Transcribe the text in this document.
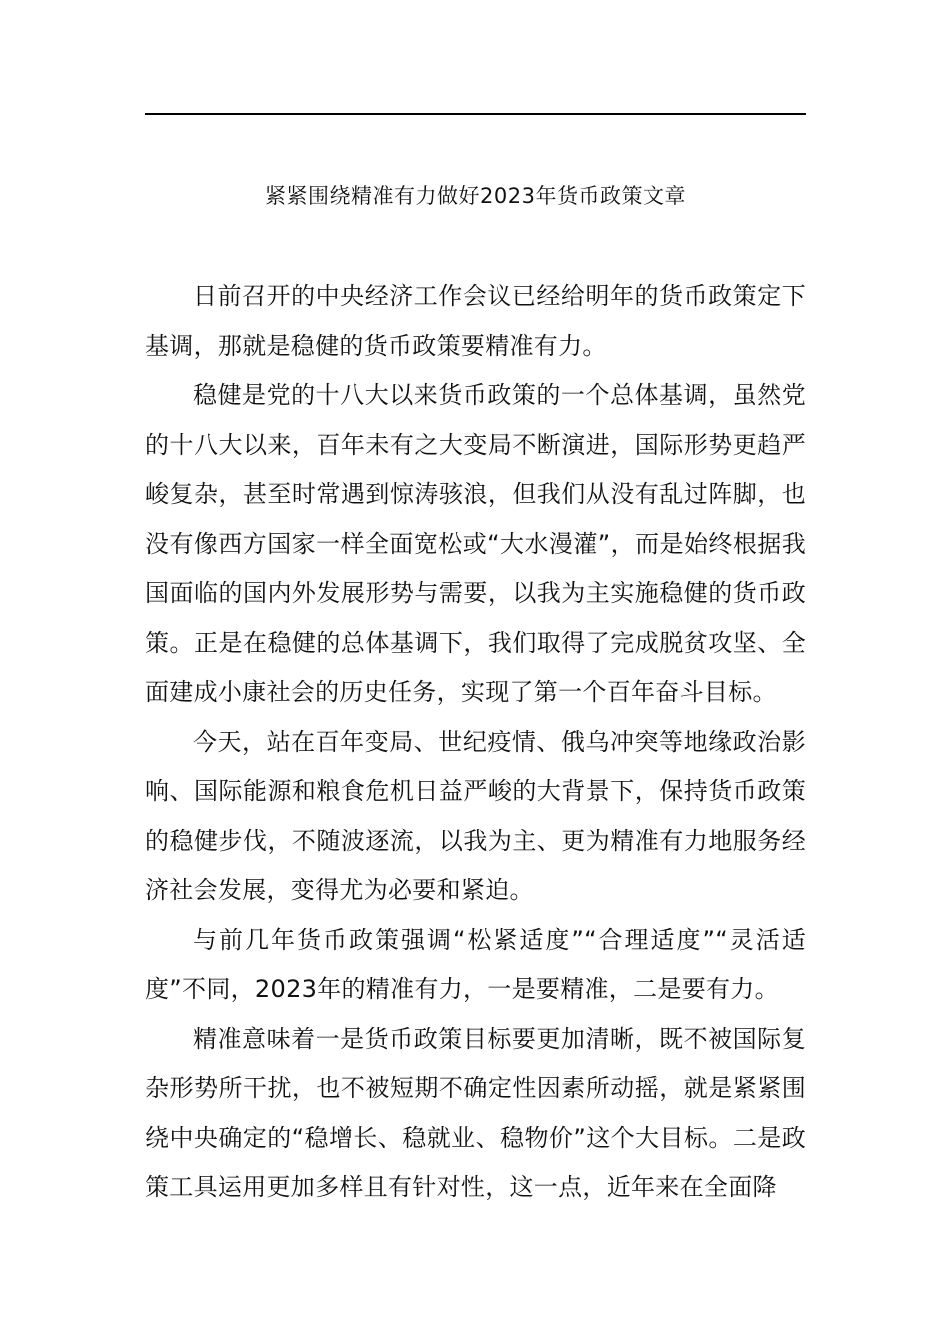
紧紧围绕精准有力做好2023年货币政策文章

日前召开的中央经济工作会议已经给明年的货币政策定下基调，那就是稳健的货币政策要精准有力。

稳健是党的十八大以来货币政策的一个总体基调，虽然党的十八大以来，百年未有之大变局不断演进，国际形势更趋严峻复杂，甚至时常遇到惊涛骇浪，但我们从没有乱过阵脚，也没有像西方国家一样全面宽松或“大水漫灌”，而是始终根据我国面临的国内外发展形势与需要，以我为主实施稳健的货币政策。正是在稳健的总体基调下，我们取得了完成脱贫攻坚、全面建成小康社会的历史任务，实现了第一个百年奋斗目标。

今天，站在百年变局、世纪疫情、俄乌冲突等地缘政治影响、国际能源和粮食危机日益严峻的大背景下，保持货币政策的稳健步伐，不随波逐流，以我为主、更为精准有力地服务经济社会发展，变得尤为必要和紧迫。

与前几年货币政策强调“松紧适度”“合理适度”“灵活适度”不同，2023年的精准有力，一是要精准，二是要有力。

精准意味着一是货币政策目标要更加清晰，既不被国际复杂形势所干扰，也不被短期不确定性因素所动摇，就是紧紧围绕中央确定的“稳增长、稳就业、稳物价”这个大目标。二是政策工具运用更加多样且有针对性，这一点，近年来在全面降
